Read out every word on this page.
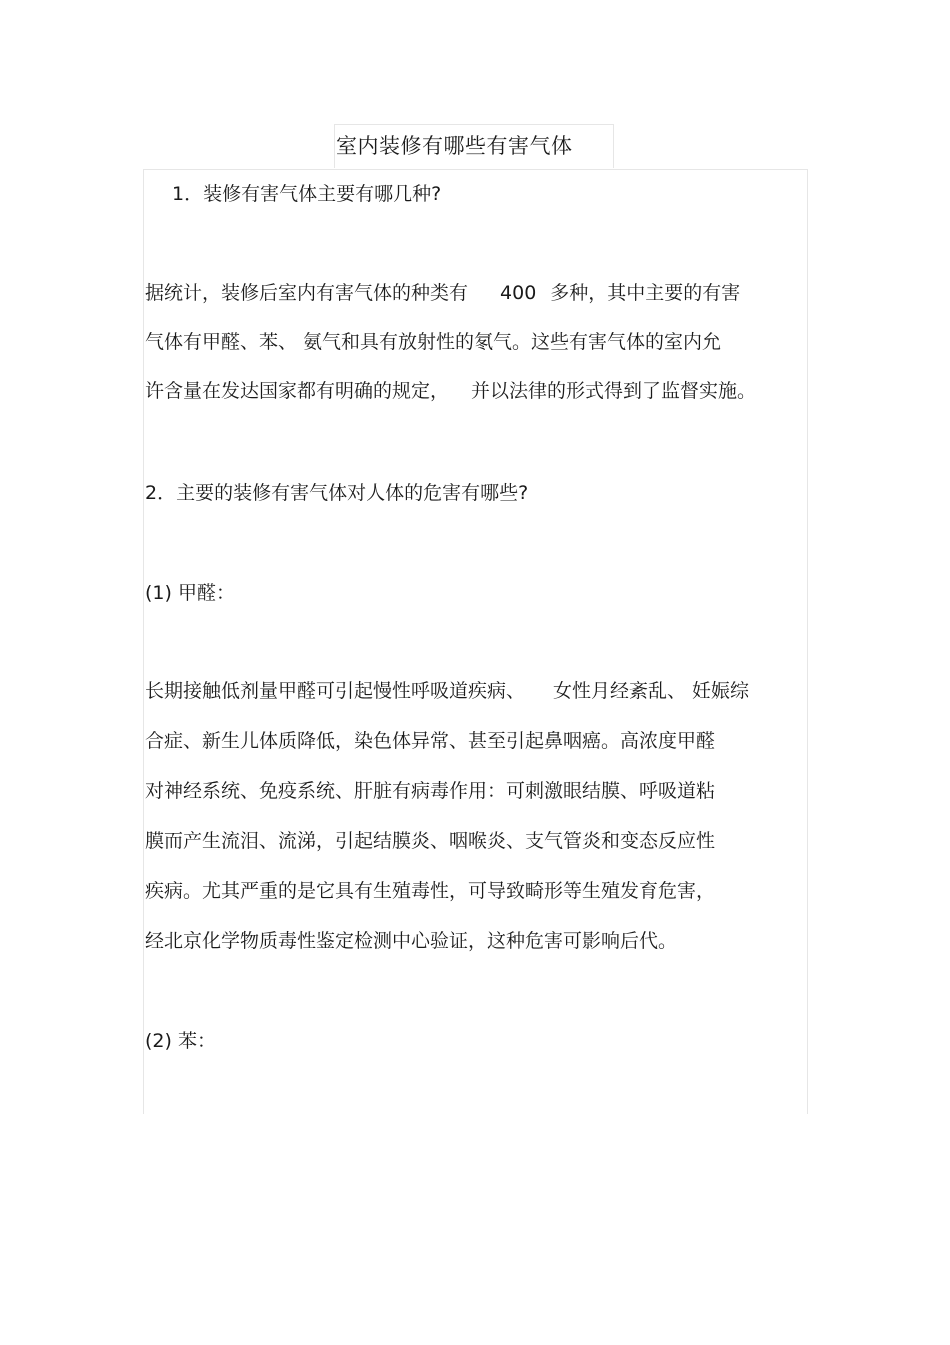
室内装修有哪些有害气体
1．装修有害气体主要有哪几种?
据统计，装修后室内有害气体的种类有 400 多种，其中主要的有害
气体有甲醛、苯、 氨气和具有放射性的氡气。这些有害气体的室内允
许含量在发达国家都有明确的规定， 并以法律的形式得到了监督实施。
2．主要的装修有害气体对人体的危害有哪些?
(1) 甲醛：
长期接触低剂量甲醛可引起慢性呼吸道疾病、 女性月经紊乱、 妊娠综
合症、新生儿体质降低，染色体异常、甚至引起鼻咽癌。高浓度甲醛
对神经系统、免疫系统、肝脏有病毒作用：可刺激眼结膜、呼吸道粘
膜而产生流泪、流涕，引起结膜炎、咽喉炎、支气管炎和变态反应性
疾病。尤其严重的是它具有生殖毒性，可导致畸形等生殖发育危害，
经北京化学物质毒性鉴定检测中心验证，这种危害可影响后代。
(2) 苯：
